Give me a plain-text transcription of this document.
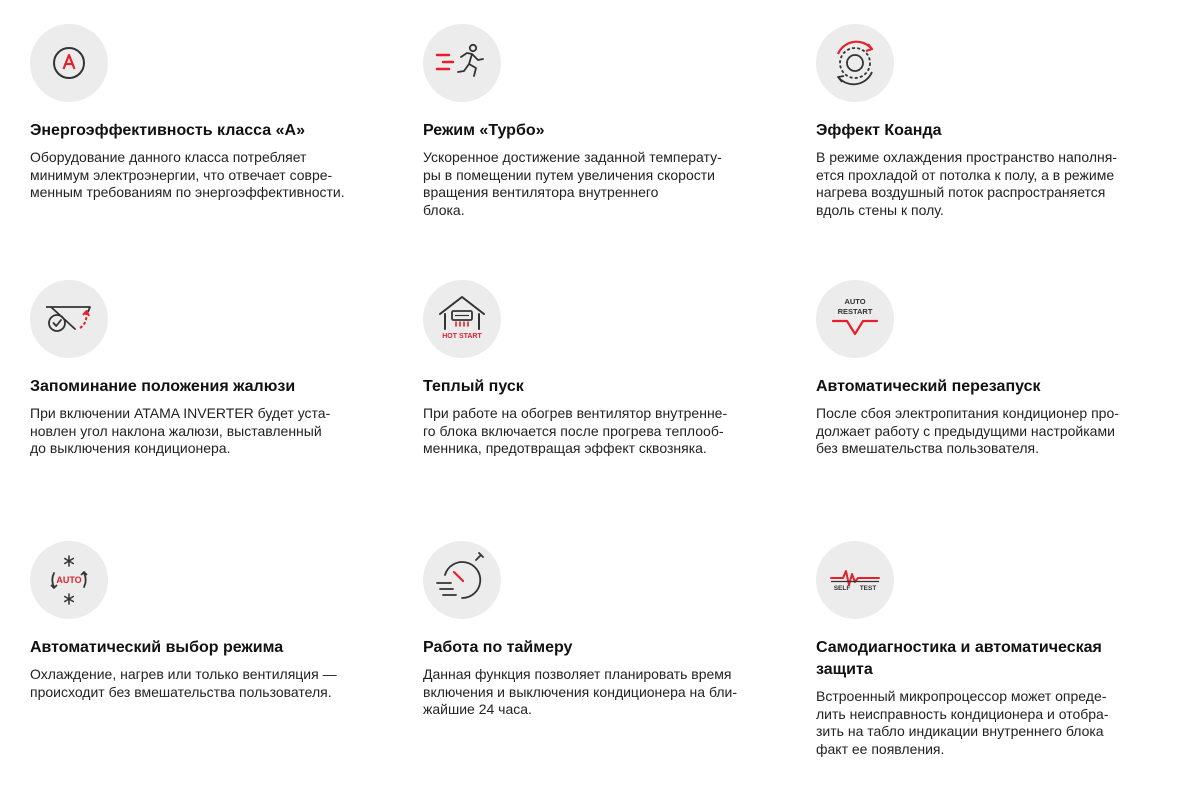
Энергоэффективность класса «А»

Оборудование данного класса потребляет
минимум электроэнергии, что отвечает совре-
менным требованиям по энергоэффективности.

Режим «Турбо»

Ускоренное достижение заданной температу-
ры в помещении путем увеличения скорости
вращения вентилятора внутреннего
блока.

Эффект Коанда

В режиме охлаждения пространство наполня-
ется прохладой от потолка к полу, а в режиме
нагрева воздушный поток распространяется
вдоль стены к полу.

Запоминание положения жалюзи

При включении ATAMA INVERTER будет уста-
новлен угол наклона жалюзи, выставленный
до выключения кондиционера.

HOT START

Теплый пуск

При работе на обогрев вентилятор внутренне-
го блока включается после прогрева теплооб-
менника, предотвращая эффект сквозняка.

AUTO
RESTART

Автоматический перезапуск

После сбоя электропитания кондиционер про-
должает работу с предыдущими настройками
без вмешательства пользователя.

AUTO

Автоматический выбор режима

Охлаждение, нагрев или только вентиляция —
происходит без вмешательства пользователя.

Работа по таймеру

Данная функция позволяет планировать время
включения и выключения кондиционера на бли-
жайшие 24 часа.

SELF TEST

Самодиагностика и автоматическая
защита

Встроенный микропроцессор может опреде-
лить неисправность кондиционера и отобра-
зить на табло индикации внутреннего блока
факт ее появления.
